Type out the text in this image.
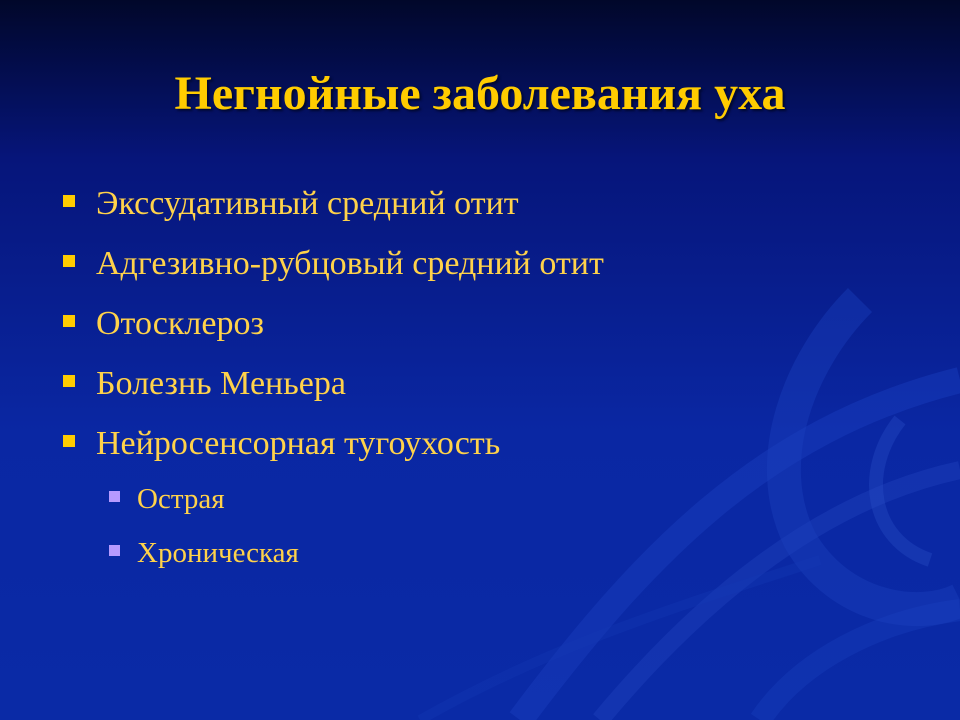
Негнойные заболевания уха
Экссудативный средний отит
Адгезивно-рубцовый средний отит
Отосклероз
Болезнь Меньера
Нейросенсорная тугоухость
Острая
Хроническая
